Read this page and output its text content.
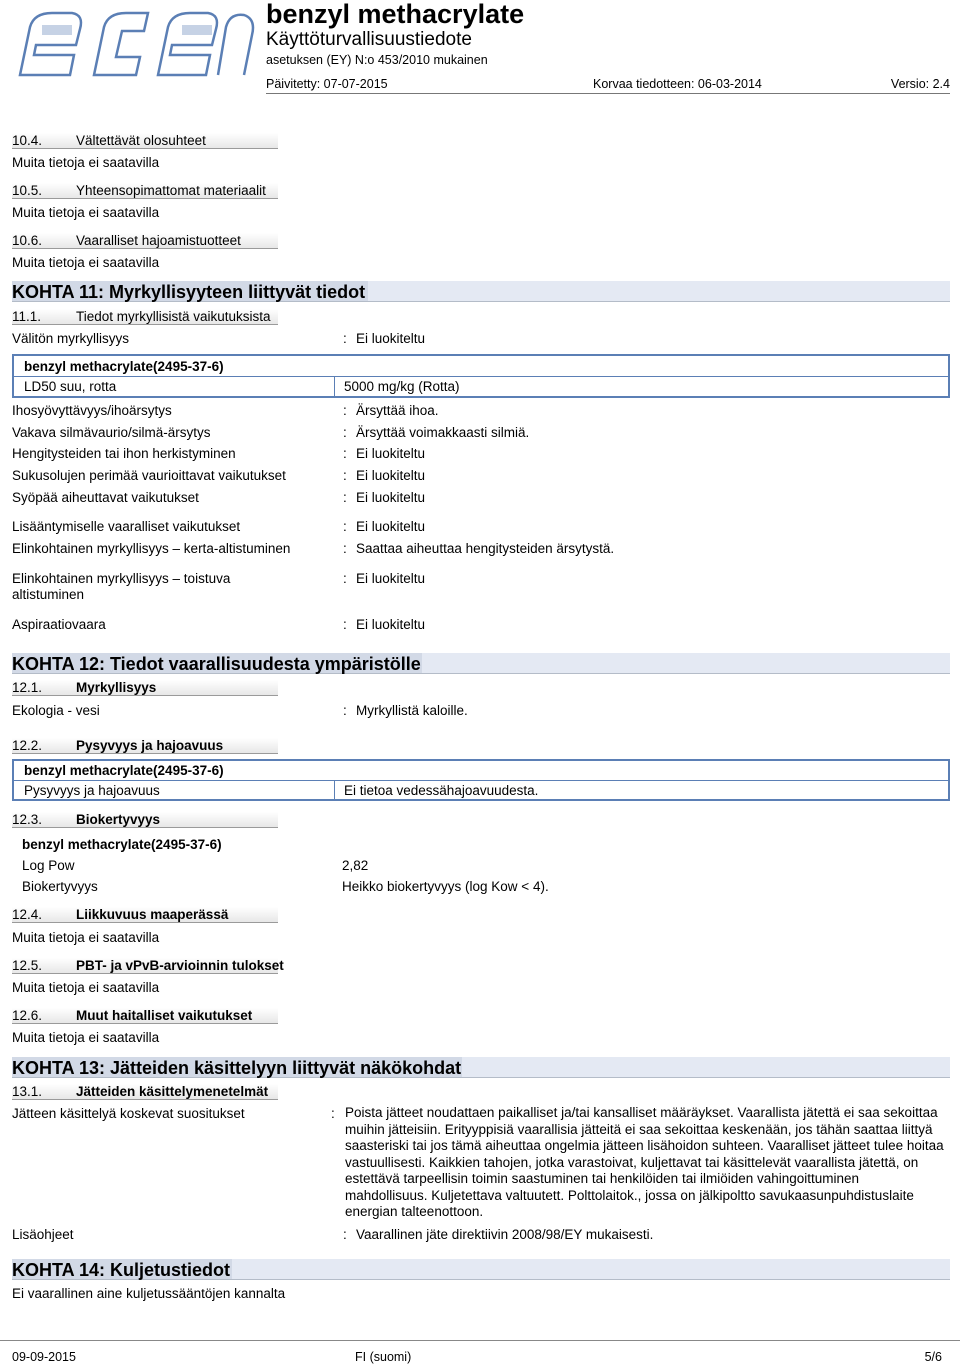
benzyl methacrylate
Käyttöturvallisuustiedote
asetuksen (EY) N:o 453/2010 mukainen
Päivitetty: 07-07-2015	Korvaa tiedotteen: 06-03-2014	Versio: 2.4
10.4.	Vältettävät olosuhteet
Muita tietoja ei saatavilla
10.5.	Yhteensopimattomat materiaalit
Muita tietoja ei saatavilla
10.6.	Vaaralliset hajoamistuotteet
Muita tietoja ei saatavilla
KOHTA 11: Myrkyllisyyteen liittyvät tiedot
11.1.	Tiedot myrkyllisistä vaikutuksista
Välitön myrkyllisyys	: Ei luokiteltu
benzyl methacrylate(2495-37-6)
LD50 suu, rotta	5000 mg/kg (Rotta)
Ihosyövyttävyys/ihoärsytys	: Ärsyttää ihoa.
Vakava silmävaurio/silmä-ärsytys	: Ärsyttää voimakkaasti silmiä.
Hengitysteiden tai ihon herkistyminen	: Ei luokiteltu
Sukusolujen perimää vaurioittavat vaikutukset	: Ei luokiteltu
Syöpää aiheuttavat vaikutukset	: Ei luokiteltu
Lisääntymiselle vaaralliset vaikutukset	: Ei luokiteltu
Elinkohtainen myrkyllisyys – kerta-altistuminen	: Saattaa aiheuttaa hengitysteiden ärsytystä.
Elinkohtainen myrkyllisyys – toistuva
altistuminen
: Ei luokiteltu
Aspiraatiovaara	: Ei luokiteltu
KOHTA 12: Tiedot vaarallisuudesta ympäristölle
12.1.	Myrkyllisyys
Ekologia - vesi	: Myrkyllistä kaloille.
12.2.	Pysyvyys ja hajoavuus
benzyl methacrylate(2495-37-6)
Pysyvyys ja hajoavuus	Ei tietoa vedessähajoavuudesta.
12.3.	Biokertyvyys
benzyl methacrylate(2495-37-6)
Log Pow	2,82
Biokertyvyys	Heikko biokertyvyys (log Kow < 4).
12.4.	Liikkuvuus maaperässä
Muita tietoja ei saatavilla
12.5.	PBT- ja vPvB-arvioinnin tulokset
Muita tietoja ei saatavilla
12.6.	Muut haitalliset vaikutukset
Muita tietoja ei saatavilla
KOHTA 13: Jätteiden käsittelyyn liittyvät näkökohdat
13.1.	Jätteiden käsittelymenetelmät
Jätteen käsittelyä koskevat suositukset	: Poista jätteet noudattaen paikalliset ja/tai kansalliset määräykset. Vaarallista jätettä ei saa sekoittaa muihin jätteisiin. Erityyppisiä vaarallisia jätteitä ei saa sekoittaa keskenään, jos tähän saattaa liittyä saasteriski tai jos tämä aiheuttaa ongelmia jätteen lisähoidon suhteen. Vaaralliset jätteet tulee hoitaa vastuullisesti. Kaikkien tahojen, jotka varastoivat, kuljettavat tai käsittelevät vaarallista jätettä, on estettävä tarpeellisin toimin saastuminen tai henkilöiden tai ilmiöiden vahingoittuminen mahdollisuus. Kuljetettava valtuutett. Polttolaitok., jossa on jälkipoltto savukaasunpuhdistuslaite energian talteenottoon.
Lisäohjeet	: Vaarallinen jäte direktiivin 2008/98/EY mukaisesti.
KOHTA 14: Kuljetustiedot
Ei vaarallinen aine kuljetussääntöjen kannalta
09-09-2015	FI (suomi)	5/6
